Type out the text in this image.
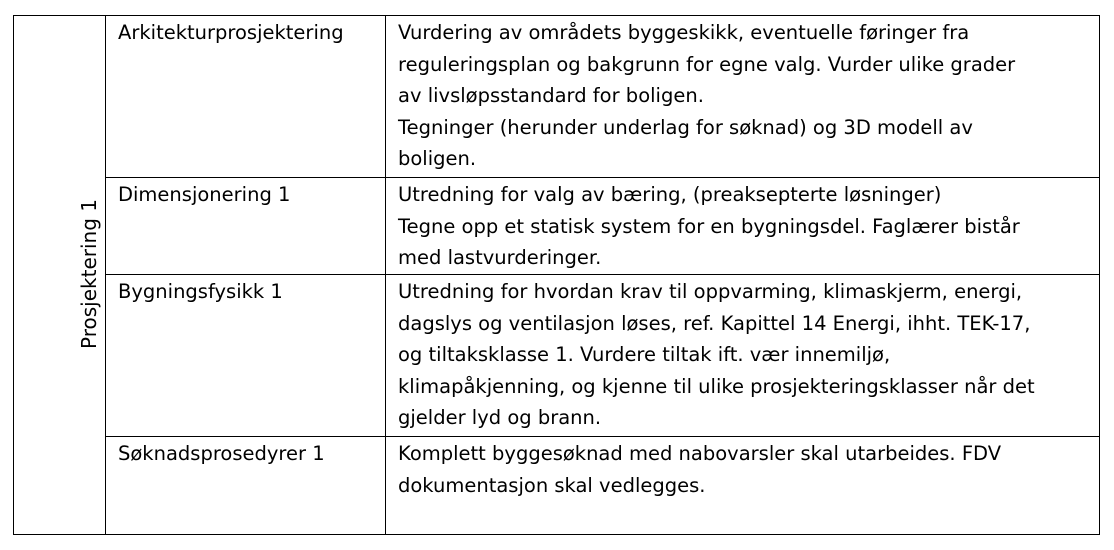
Prosjektering 1	Arkitekturprosjektering	Vurdering av områdets byggeskikk, eventuelle føringer fra
reguleringsplan og bakgrunn for egne valg. Vurder ulike grader
av livsløpsstandard for boligen.
Tegninger (herunder underlag for søknad) og 3D modell av
boligen.

	Dimensjonering 1	Utredning for valg av bæring, (preaksepterte løsninger)
Tegne opp et statisk system for en bygningsdel. Faglærer bistår
med lastvurderinger.

	Bygningsfysikk 1	Utredning for hvordan krav til oppvarming, klimaskjerm, energi,
dagslys og ventilasjon løses, ref. Kapittel 14 Energi, ihht. TEK-17,
og tiltaksklasse 1. Vurdere tiltak ift. vær innemiljø,
klimapåkjenning, og kjenne til ulike prosjekteringsklasser når det
gjelder lyd og brann.

	Søknadsprosedyrer 1	Komplett byggesøknad med nabovarsler skal utarbeides. FDV
dokumentasjon skal vedlegges.
